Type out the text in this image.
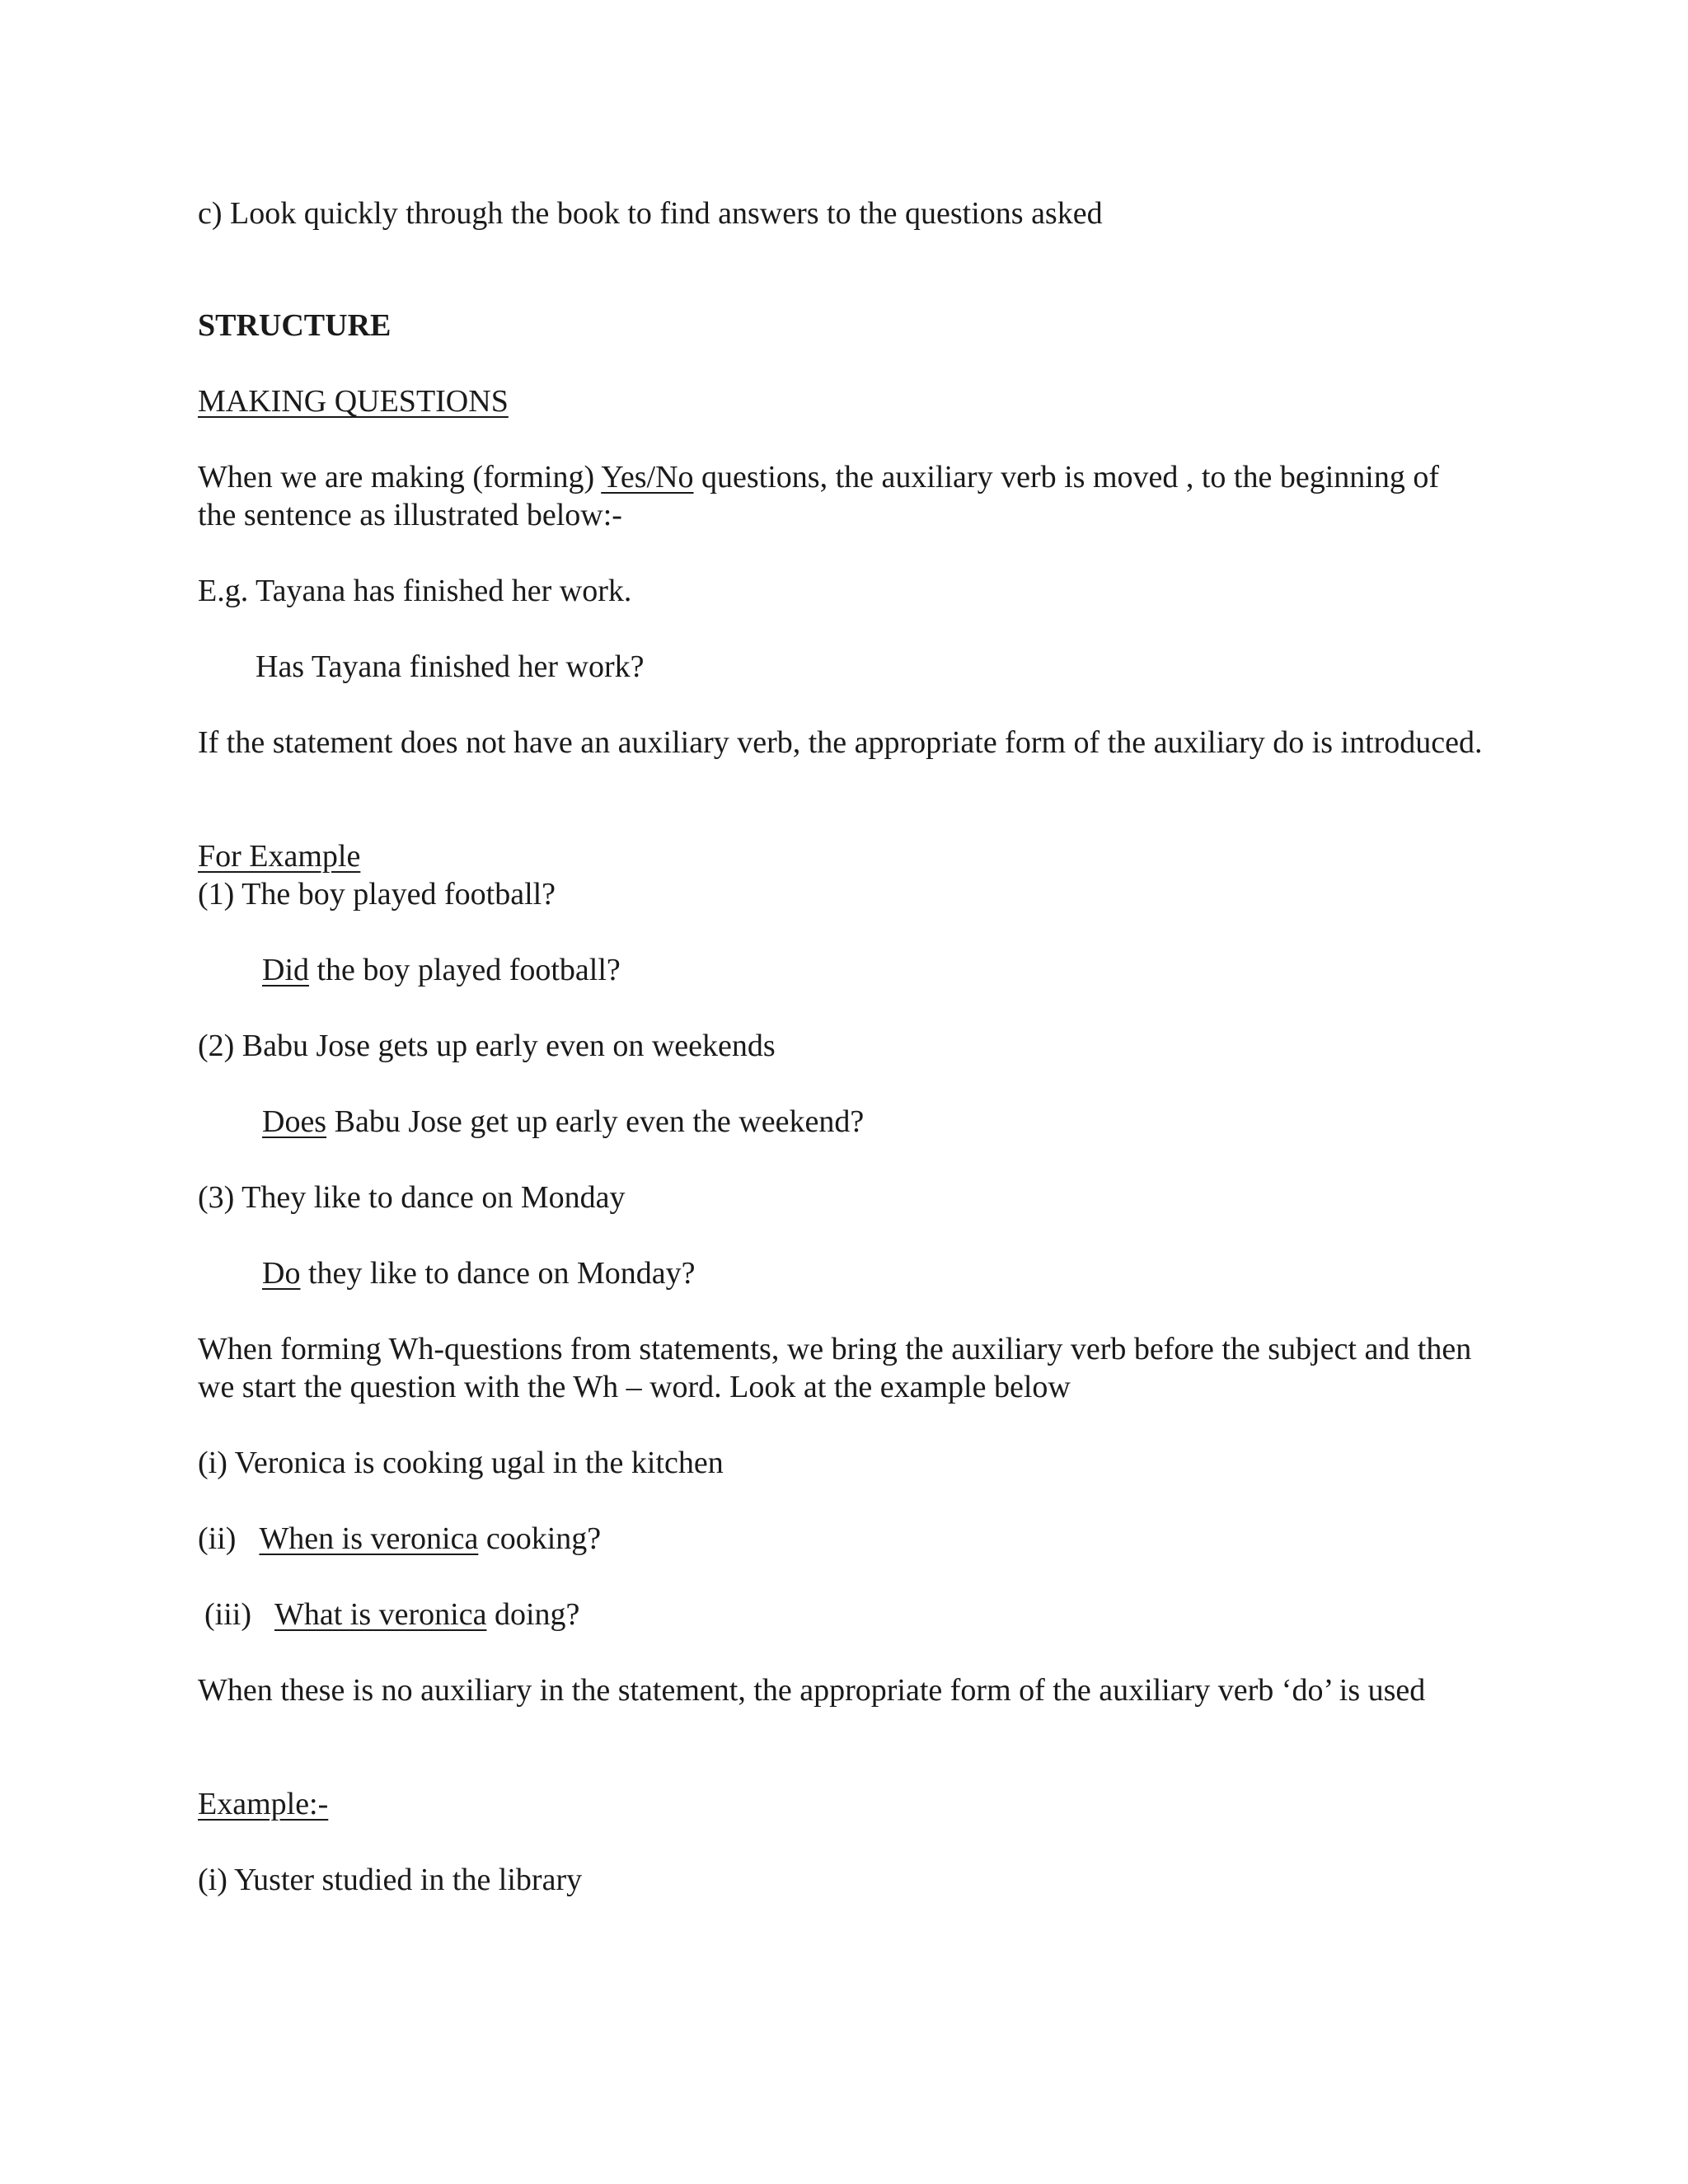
c) Look quickly through the book to find answers to the questions asked

STRUCTURE

MAKING QUESTIONS

When we are making (forming) Yes/No questions, the auxiliary verb is moved , to the beginning of the sentence as illustrated below:-

E.g. Tayana has finished her work.

Has Tayana finished her work?

If the statement does not have an auxiliary verb, the appropriate form of the auxiliary do is introduced.

For Example

(1) The boy played football?

Did the boy played football?

(2) Babu Jose gets up early even on weekends

Does Babu Jose get up early even the weekend?

(3) They like to dance on Monday

Do they like to dance on Monday?

When forming Wh-questions from statements, we bring the auxiliary verb before the subject and then we start the question with the Wh – word. Look at the example below

(i) Veronica is cooking ugal in the kitchen

(ii) When is veronica cooking?

(iii) What is veronica doing?

When these is no auxiliary in the statement, the appropriate form of the auxiliary verb ‘do’ is used

Example:-

(i) Yuster studied in the library
